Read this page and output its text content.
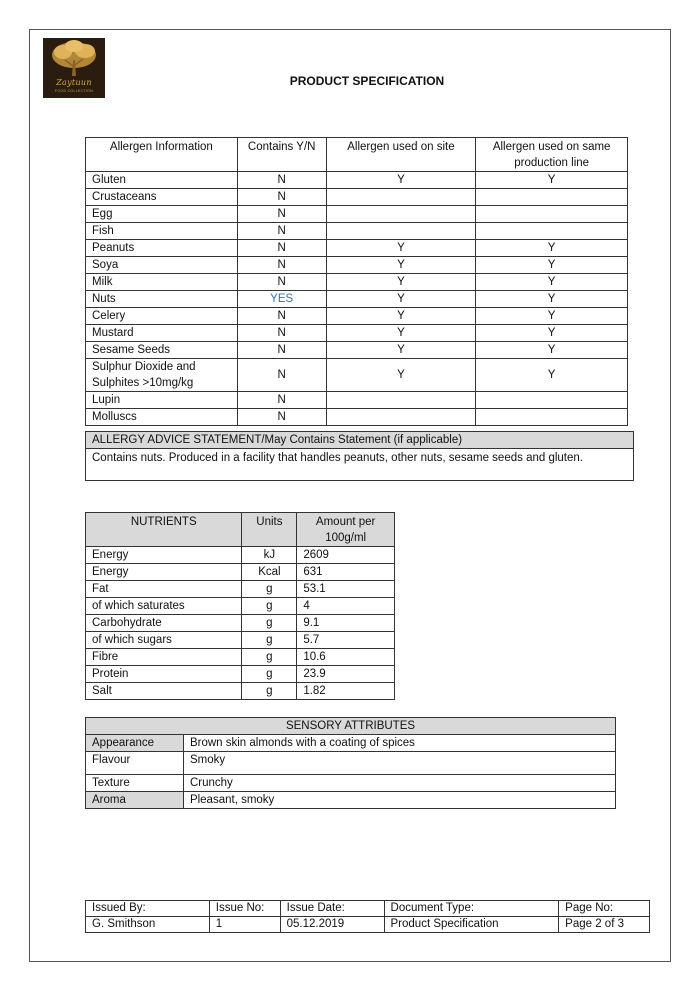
Zaytuun
FOOD COLLECTION
PRODUCT SPECIFICATION
Allergen Information	Contains Y/N	Allergen used on site	Allergen used on same production line
Gluten	N	Y	Y
Crustaceans	N		
Egg	N		
Fish	N		
Peanuts	N	Y	Y
Soya	N	Y	Y
Milk	N	Y	Y
Nuts	YES	Y	Y
Celery	N	Y	Y
Mustard	N	Y	Y
Sesame Seeds	N	Y	Y
Sulphur Dioxide and Sulphites >10mg/kg	N	Y	Y
Lupin	N		
Molluscs	N		
ALLERGY ADVICE STATEMENT/May Contains Statement (if applicable)
Contains nuts. Produced in a facility that handles peanuts, other nuts, sesame seeds and gluten.
NUTRIENTS	Units	Amount per 100g/ml
Energy	kJ	2609
Energy	Kcal	631
Fat	g	53.1
of which saturates	g	4
Carbohydrate	g	9.1
of which sugars	g	5.7
Fibre	g	10.6
Protein	g	23.9
Salt	g	1.82
SENSORY ATTRIBUTES	
Appearance	Brown skin almonds with a coating of spices
Flavour	Smoky
Texture	Crunchy
Aroma	Pleasant, smoky
Issued By:	Issue No:	Issue Date:	Document Type:	Page No:
G. Smithson	1	05.12.2019	Product Specification	Page 2 of 3
